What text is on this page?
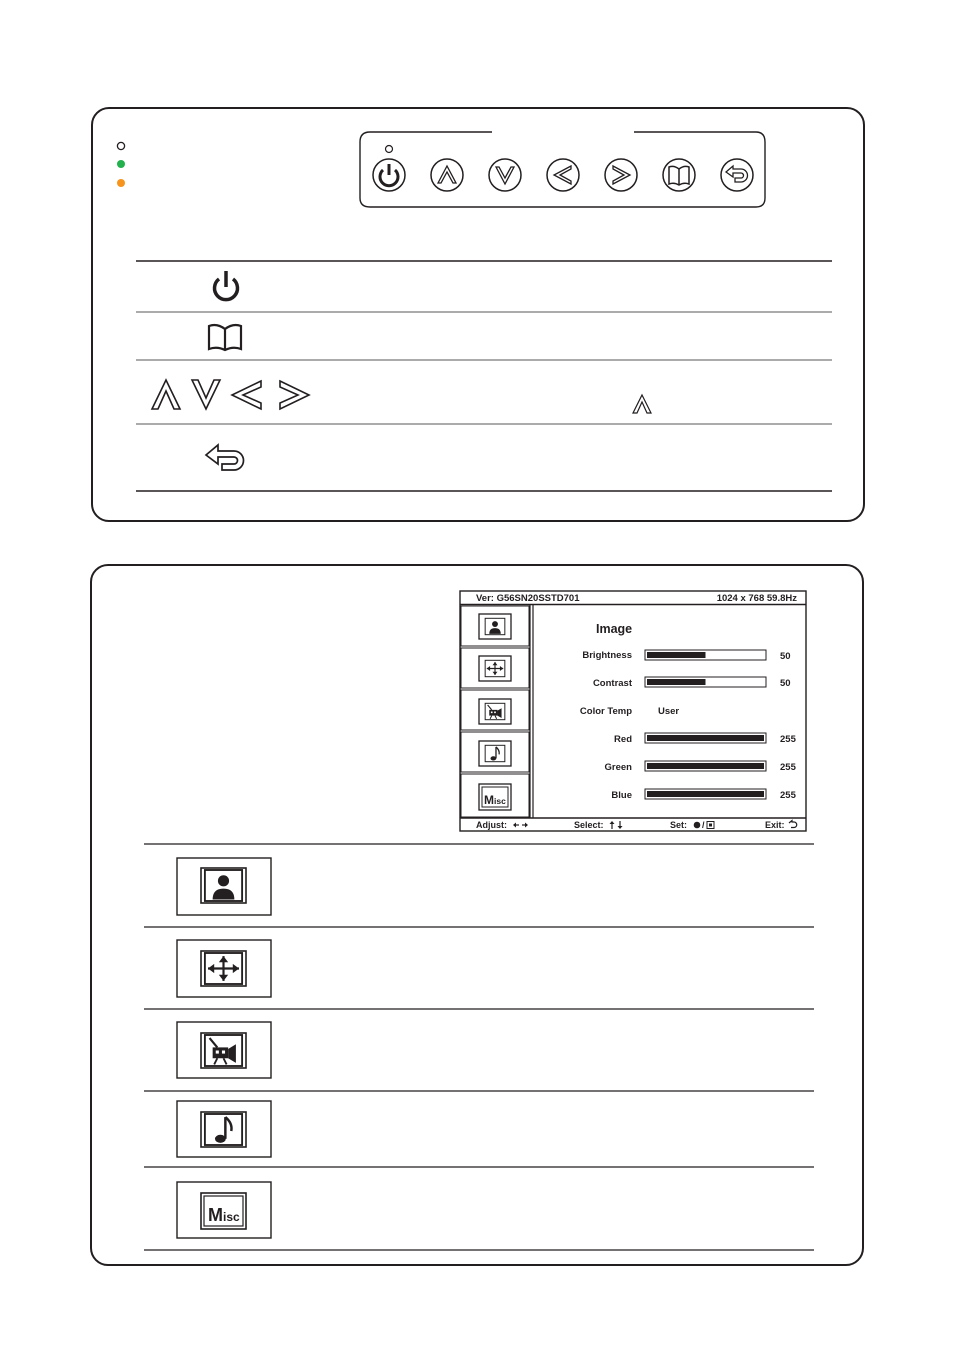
Ver: G56SN20SSTD701	1024 x 768 59.8Hz
Misc
Image
Brightness	50
Contrast	50
Color Temp	User
Red	255
Green	255
Blue	255
Adjust:	Select:	Set: /	Exit:
Misc
